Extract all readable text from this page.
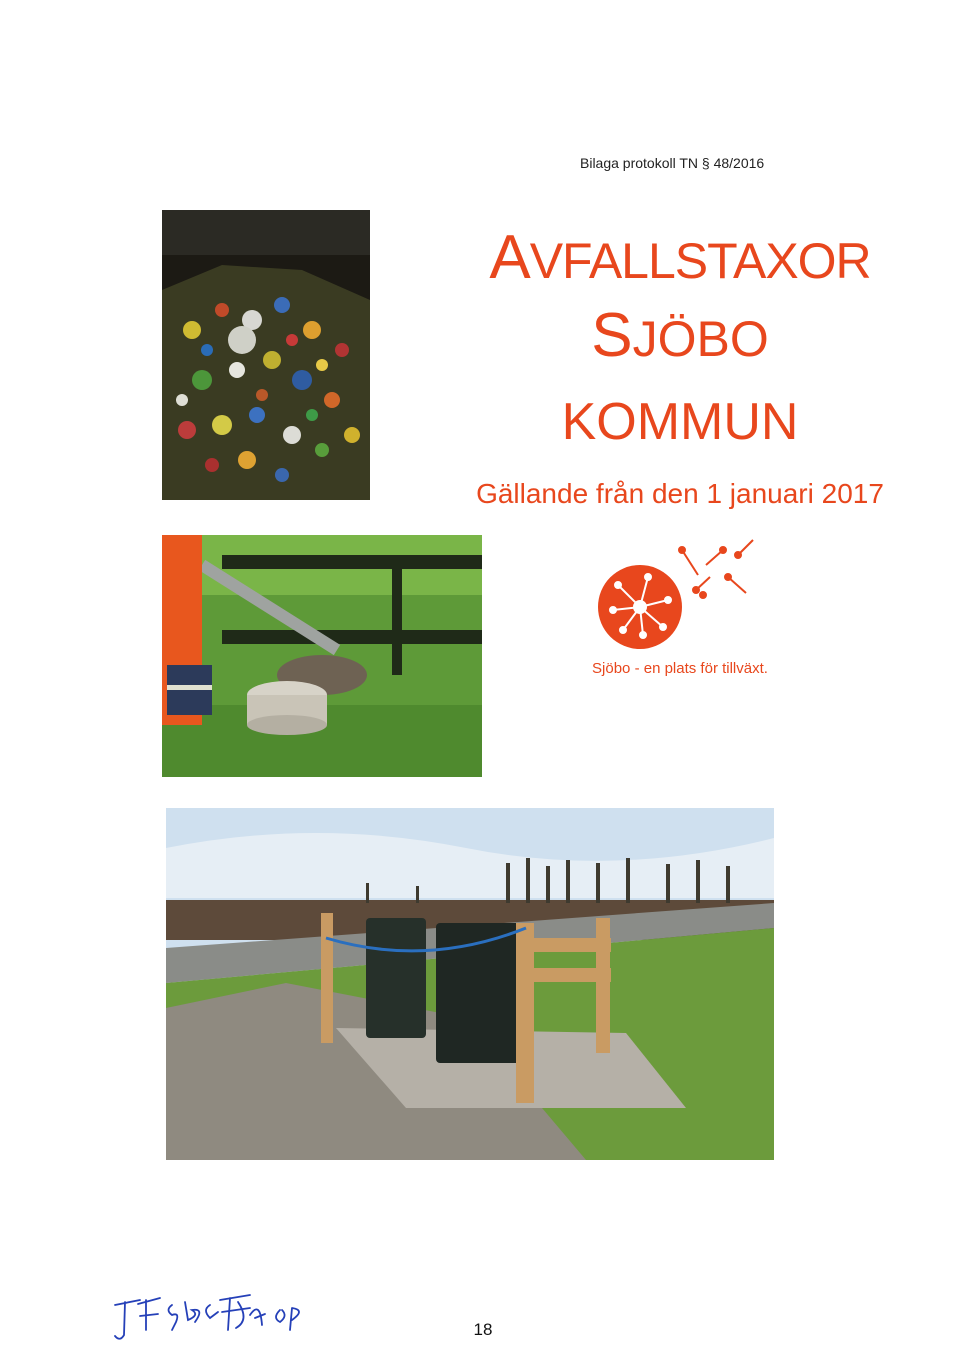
Bilaga protokoll TN § 48/2016
AVFALLSTAXOR
SJÖBO
KOMMUN
Gällande från den 1 januari 2017
Sjöbo - en plats för tillväxt.
18
